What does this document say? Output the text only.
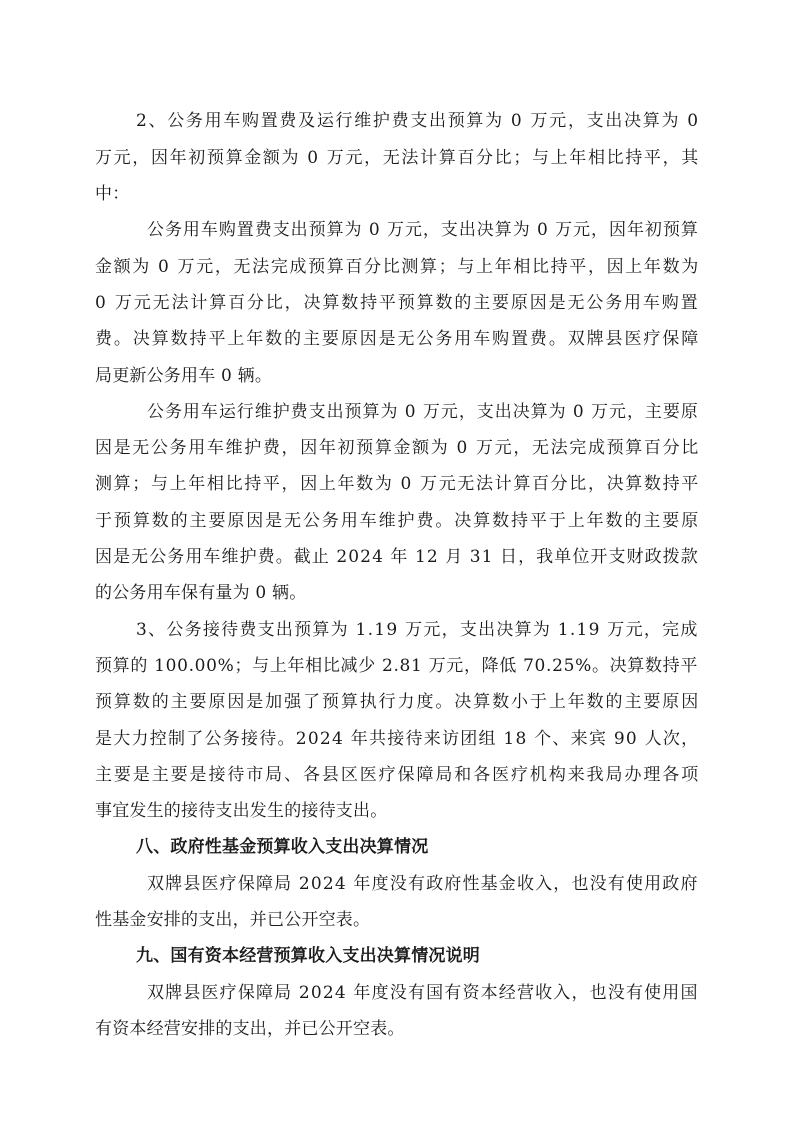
2、公务用车购置费及运行维护费支出预算为 0 万元，支出决算为 0
万元，因年初预算金额为 0 万元，无法计算百分比；与上年相比持平，其
中：
公务用车购置费支出预算为 0 万元，支出决算为 0 万元，因年初预算
金额为 0 万元，无法完成预算百分比测算；与上年相比持平，因上年数为
0 万元无法计算百分比，决算数持平预算数的主要原因是无公务用车购置
费。决算数持平上年数的主要原因是无公务用车购置费。双牌县医疗保障
局更新公务用车 0 辆。
公务用车运行维护费支出预算为 0 万元，支出决算为 0 万元，主要原
因是无公务用车维护费，因年初预算金额为 0 万元，无法完成预算百分比
测算；与上年相比持平，因上年数为 0 万元无法计算百分比，决算数持平
于预算数的主要原因是无公务用车维护费。决算数持平于上年数的主要原
因是无公务用车维护费。截止 2024 年 12 月 31 日，我单位开支财政拨款
的公务用车保有量为 0 辆。
3、公务接待费支出预算为 1.19 万元，支出决算为 1.19 万元，完成
预算的 100.00%；与上年相比减少 2.81 万元，降低 70.25%。决算数持平
预算数的主要原因是加强了预算执行力度。决算数小于上年数的主要原因
是大力控制了公务接待。2024 年共接待来访团组 18 个、来宾 90 人次，
主要是主要是接待市局、各县区医疗保障局和各医疗机构来我局办理各项
事宜发生的接待支出发生的接待支出。
八、政府性基金预算收入支出决算情况
双牌县医疗保障局 2024 年度没有政府性基金收入，也没有使用政府
性基金安排的支出，并已公开空表。
九、国有资本经营预算收入支出决算情况说明
双牌县医疗保障局 2024 年度没有国有资本经营收入，也没有使用国
有资本经营安排的支出，并已公开空表。
